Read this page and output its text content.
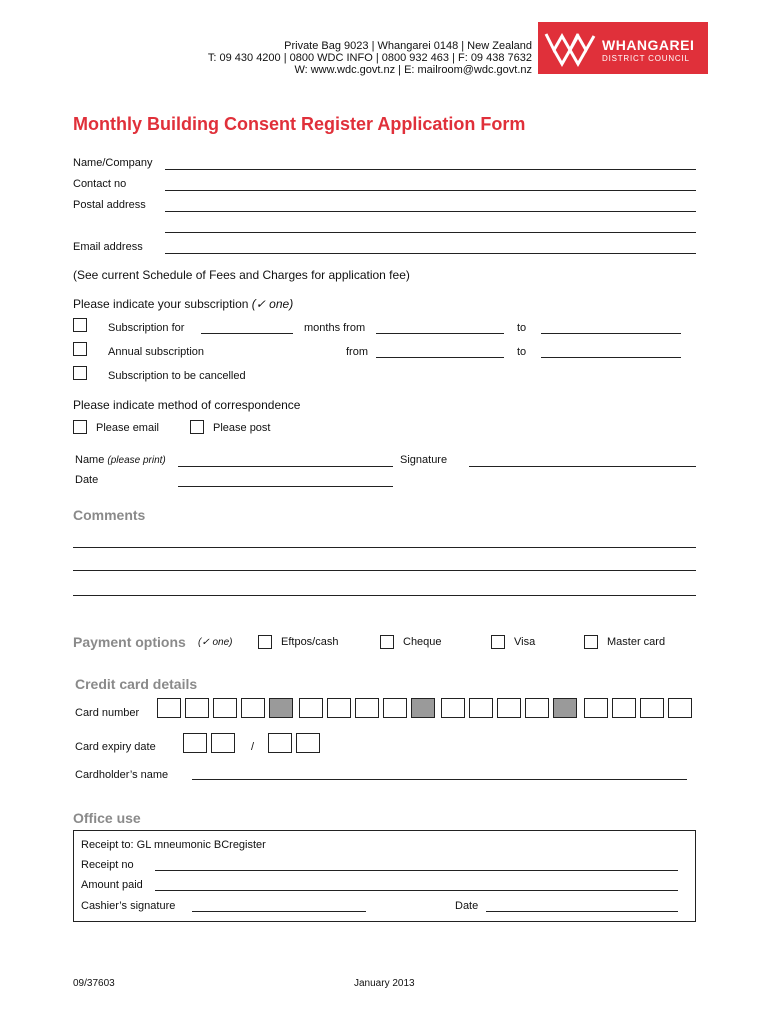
Private Bag 9023 | Whangarei 0148 | New Zealand
T: 09 430 4200 | 0800 WDC INFO | 0800 932 463 | F: 09 438 7632
W: www.wdc.govt.nz | E: mailroom@wdc.govt.nz
WHANGAREI
DISTRICT COUNCIL
Monthly Building Consent Register Application Form
Name/Company
Contact no
Postal address
Email address
(See current Schedule of Fees and Charges for application fee)
Please indicate your subscription (✓ one)
Subscription for	months from	to
Annual subscription	from	to
Subscription to be cancelled
Please indicate method of correspondence
Please email	Please post
Name (please print)	Signature
Date
Comments
Payment options (✓ one)	Eftpos/cash	Cheque	Visa	Master card
Credit card details
Card number
Card expiry date	/
Cardholder’s name
Office use
Receipt to: GL mneumonic BCregister
Receipt no
Amount paid
Cashier’s signature	Date
09/37603	January 2013
